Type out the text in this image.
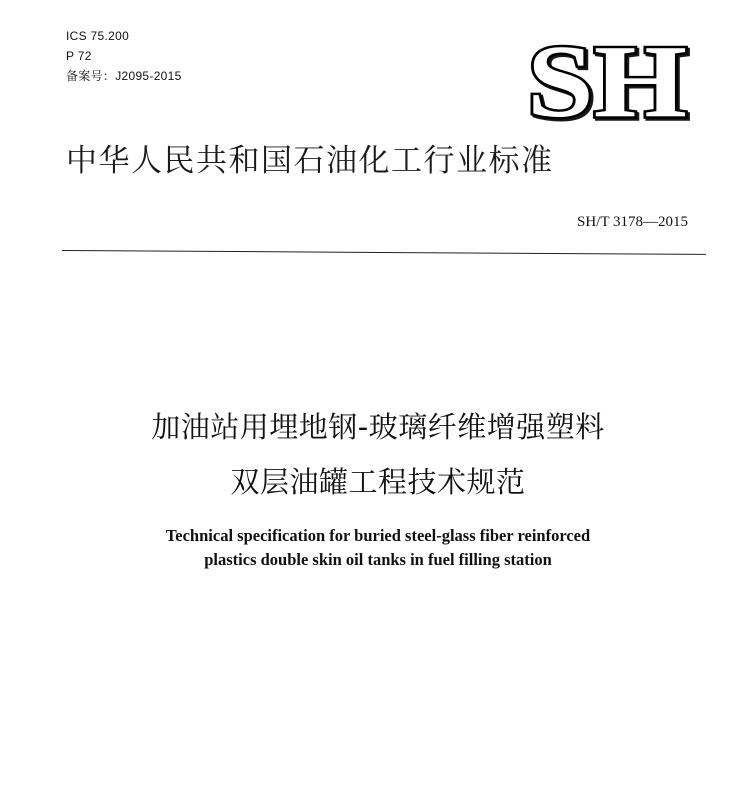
ICS 75.200
P 72
备案号：J2095-2015	SH
中华人民共和国石油化工行业标准
SH/T 3178—2015
加油站用埋地钢-玻璃纤维增强塑料
双层油罐工程技术规范
Technical specification for buried steel-glass fiber reinforced
plastics double skin oil tanks in fuel filling station
